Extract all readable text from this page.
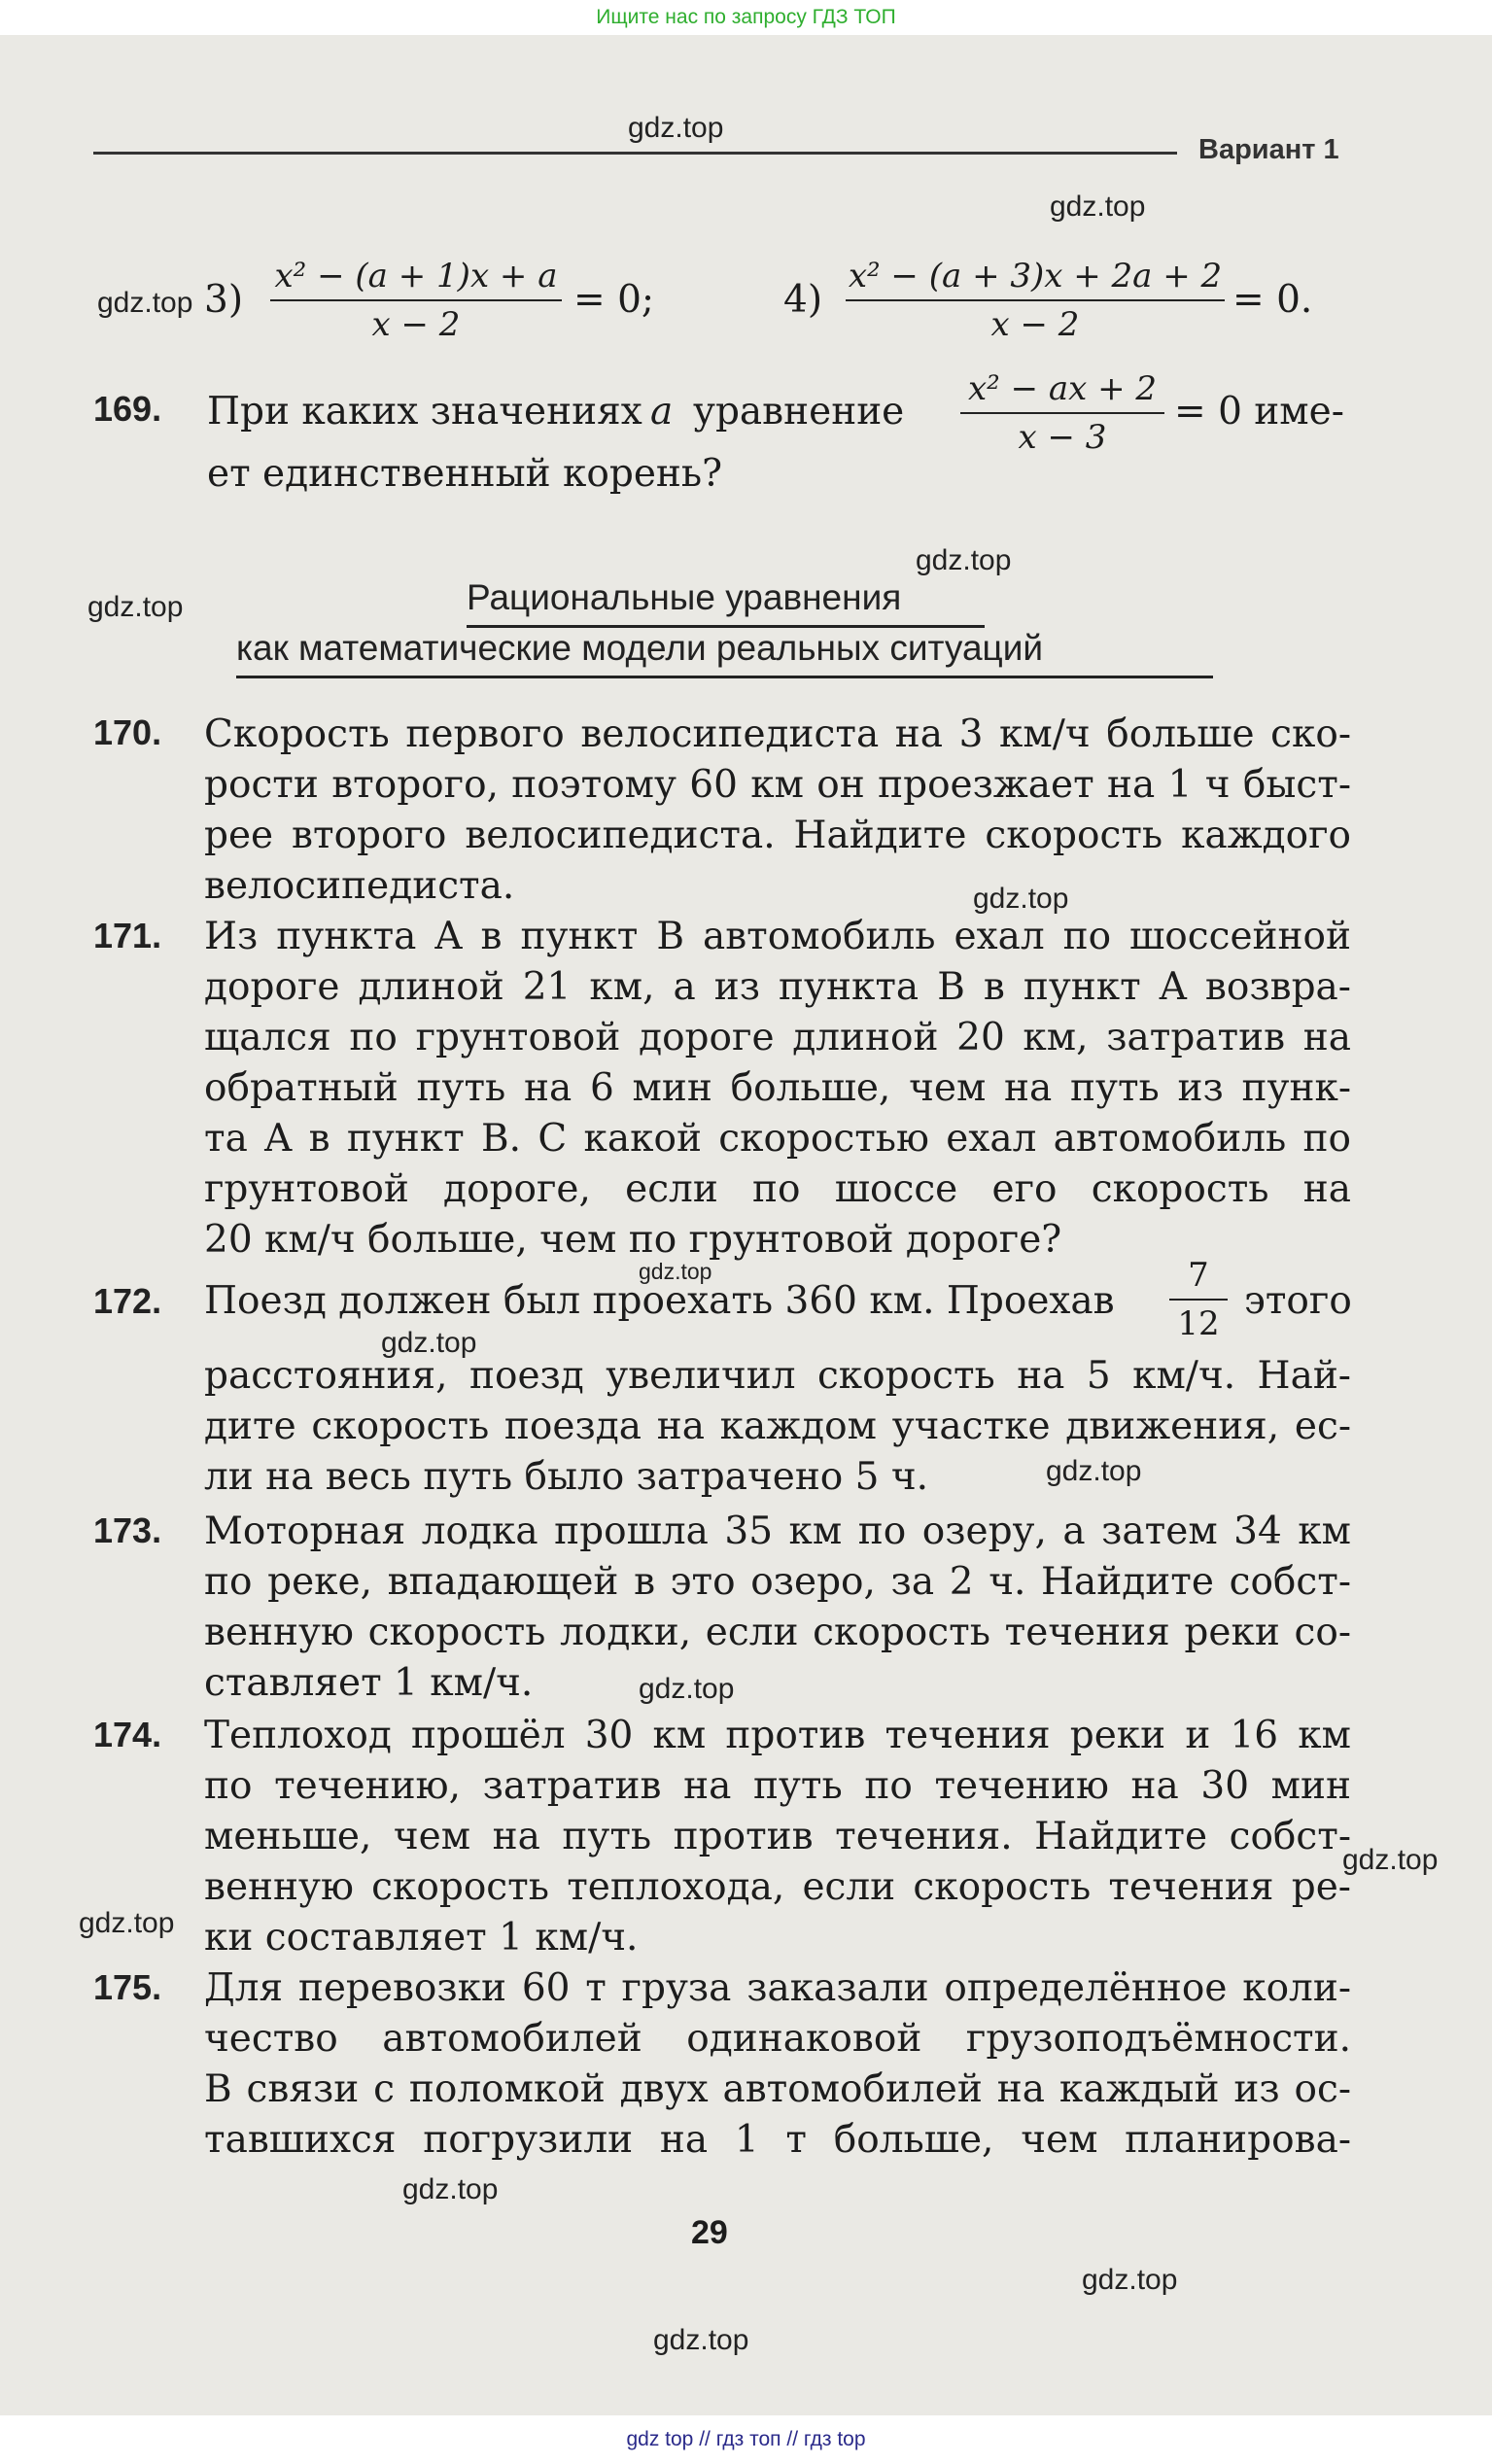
Ищите нас по запросу ГДЗ ТОП
Вариант 1
3)
x² − (a + 1)x + a
x − 2
= 0;	4)
x² − (a + 3)x + 2a + 2
x − 2
= 0.
169. При каких значениях a уравнение
x² − ax + 2
x − 3
= 0 име-
ет единственный корень?
Рациональные уравнения
как математические модели реальных ситуаций
170. Скорость первого велосипедиста на 3 км/ч больше ско-
рости второго, поэтому 60 км он проезжает на 1 ч быст-
рее второго велосипедиста. Найдите скорость каждого
велосипедиста.
171. Из пункта A в пункт B автомобиль ехал по шоссейной
дороге длиной 21 км, а из пункта B в пункт A возвра-
щался по грунтовой дороге длиной 20 км, затратив на
обратный путь на 6 мин больше, чем на путь из пунк-
та A в пункт B. С какой скоростью ехал автомобиль по
грунтовой дороге, если по шоссе его скорость на
20 км/ч больше, чем по грунтовой дороге?
172. Поезд должен был проехать 360 км. Проехав
7
12
этого
расстояния, поезд увеличил скорость на 5 км/ч. Най-
дите скорость поезда на каждом участке движения, ес-
ли на весь путь было затрачено 5 ч.
173. Моторная лодка прошла 35 км по озеру, а затем 34 км
по реке, впадающей в это озеро, за 2 ч. Найдите собст-
венную скорость лодки, если скорость течения реки со-
ставляет 1 км/ч.
174. Теплоход прошёл 30 км против течения реки и 16 км
по течению, затратив на путь по течению на 30 мин
меньше, чем на путь против течения. Найдите собст-
венную скорость теплохода, если скорость течения ре-
ки составляет 1 км/ч.
175. Для перевозки 60 т груза заказали определённое коли-
чество автомобилей одинаковой грузоподъёмности.
В связи с поломкой двух автомобилей на каждый из ос-
тавшихся погрузили на 1 т больше, чем планирова-
29
gdz.top
gdz.top
gdz.top
gdz.top
gdz.top
gdz.top
gdz.top
gdz.top
gdz.top
gdz.top
gdz.top
gdz.top
gdz.top
gdz.top
gdz.top
gdz top // гдз топ // гдз top
